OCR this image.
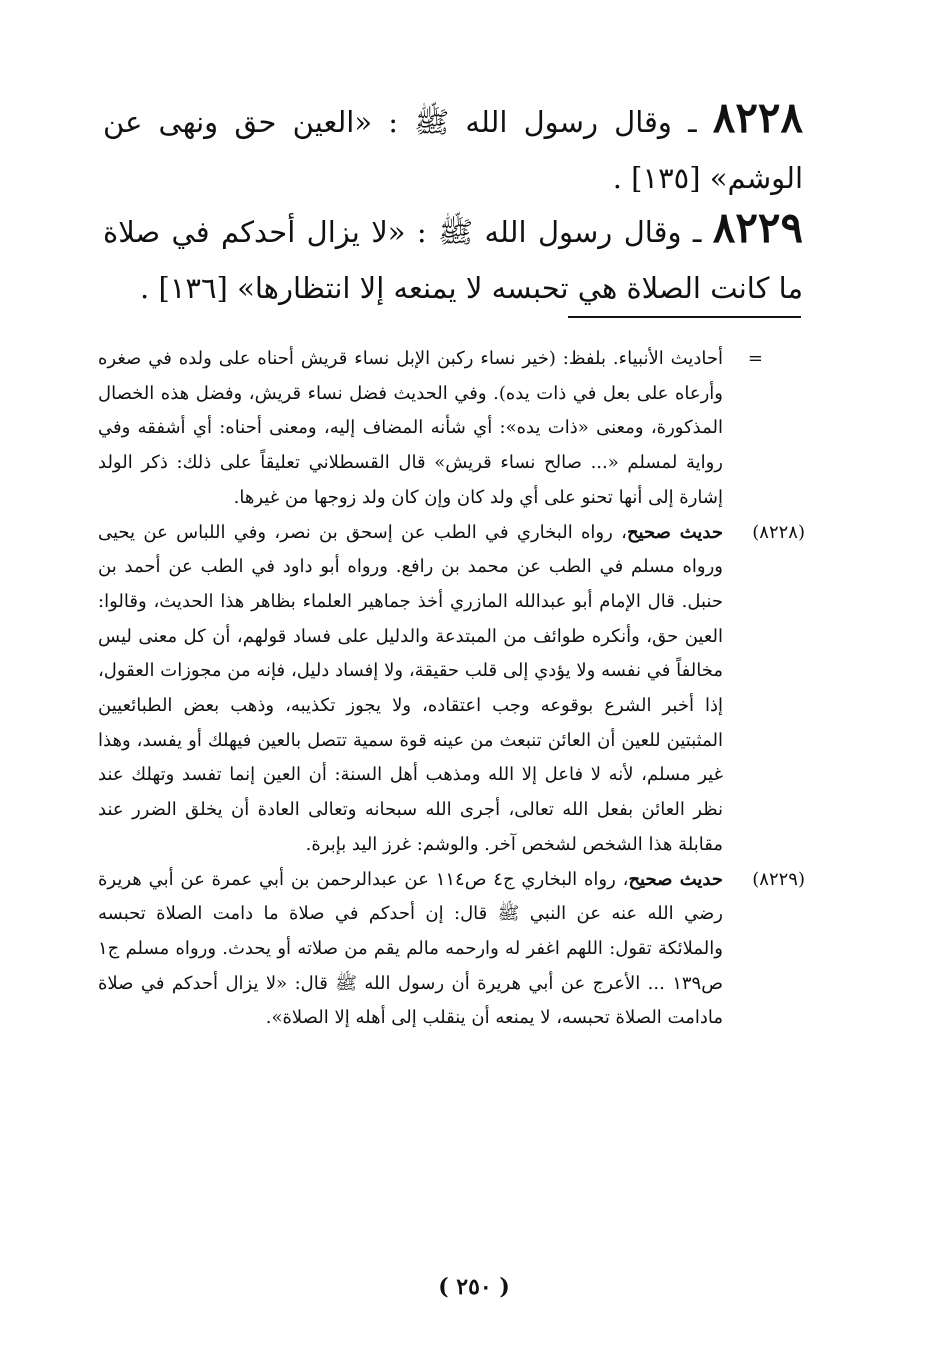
٨٢٢٨ ـ وقال رسول الله ﷺ : «العين حق ونهى عن الوشم» [١٣٥] .
٨٢٢٩ ـ وقال رسول الله ﷺ : «لا يزال أحدكم في صلاة ما كانت الصلاة هي تحبسه لا يمنعه إلا انتظارها» [١٣٦] .
=
أحاديث الأنبياء. بلفظ: (خير نساء ركبن الإبل نساء قريش أحناه على ولده في صغره وأرعاه على بعل في ذات يده). وفي الحديث فضل نساء قريش، وفضل هذه الخصال المذكورة، ومعنى «ذات يده»: أي شأنه المضاف إليه، ومعنى أحناه: أي أشفقه وفي رواية لمسلم «... صالح نساء قريش» قال القسطلاني تعليقاً على ذلك: ذكر الولد إشارة إلى أنها تحنو على أي ولد كان وإن كان ولد زوجها من غيرها.
(٨٢٢٨)
حديث صحيح، رواه البخاري في الطب عن إسحق بن نصر، وفي اللباس عن يحيى ورواه مسلم في الطب عن محمد بن رافع. ورواه أبو داود في الطب عن أحمد بن حنبل. قال الإمام أبو عبدالله المازري أخذ جماهير العلماء بظاهر هذا الحديث، وقالوا: العين حق، وأنكره طوائف من المبتدعة والدليل على فساد قولهم، أن كل معنى ليس مخالفاً في نفسه ولا يؤدي إلى قلب حقيقة، ولا إفساد دليل، فإنه من مجوزات العقول، إذا أخبر الشرع بوقوعه وجب اعتقاده، ولا يجوز تكذيبه، وذهب بعض الطبائعيين المثبتين للعين أن العائن تنبعث من عينه قوة سمية تتصل بالعين فيهلك أو يفسد، وهذا غير مسلم، لأنه لا فاعل إلا الله ومذهب أهل السنة: أن العين إنما تفسد وتهلك عند نظر العائن بفعل الله تعالى، أجرى الله سبحانه وتعالى العادة أن يخلق الضرر عند مقابلة هذا الشخص لشخص آخر. والوشم: غرز اليد بإبرة.
(٨٢٢٩)
حديث صحيح، رواه البخاري ج٤ ص١١٤ عن عبدالرحمن بن أبي عمرة عن أبي هريرة رضي الله عنه عن النبي ﷺ قال: إن أحدكم في صلاة ما دامت الصلاة تحبسه والملائكة تقول: اللهم اغفر له وارحمه مالم يقم من صلاته أو يحدث. ورواه مسلم ج١ ص١٣٩ ... الأعرج عن أبي هريرة أن رسول الله ﷺ قال: «لا يزال أحدكم في صلاة مادامت الصلاة تحبسه، لا يمنعه أن ينقلب إلى أهله إلا الصلاة».
( ٢٥٠ )
